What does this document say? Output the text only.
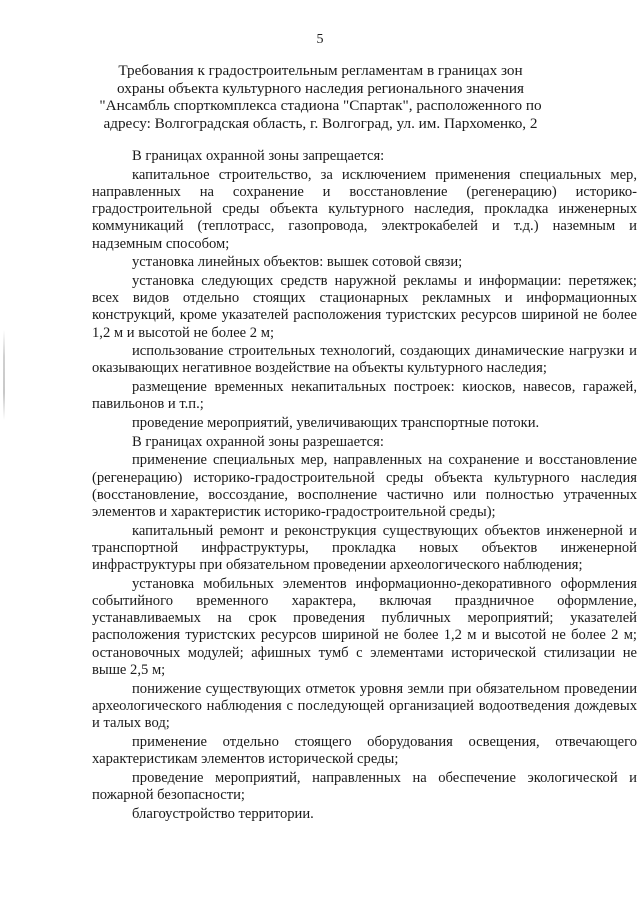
5
Требования к градостроительным регламентам в границах зон охраны объекта культурного наследия регионального значения "Ансамбль спорткомплекса стадиона "Спартак", расположенного по адресу: Волгоградская область, г. Волгоград, ул. им. Пархоменко, 2

В границах охранной зоны запрещается:

капитальное строительство, за исключением применения специальных мер, направленных на сохранение и восстановление (регенерацию) историко-градостроительной среды объекта культурного наследия, прокладка инженерных коммуникаций (теплотрасс, газопровода, электрокабелей и т.д.) наземным и надземным способом;

установка линейных объектов: вышек сотовой связи;

установка следующих средств наружной рекламы и информации: перетяжек; всех видов отдельно стоящих стационарных рекламных и информационных конструкций, кроме указателей расположения туристских ресурсов шириной не более 1,2 м и высотой не более 2 м;

использование строительных технологий, создающих динамические нагрузки и оказывающих негативное воздействие на объекты культурного наследия;

размещение временных некапитальных построек: киосков, навесов, гаражей, павильонов и т.п.;

проведение мероприятий, увеличивающих транспортные потоки.

В границах охранной зоны разрешается:

применение специальных мер, направленных на сохранение и восстановление (регенерацию) историко-градостроительной среды объекта культурного наследия (восстановление, воссоздание, восполнение частично или полностью утраченных элементов и характеристик историко-градостроительной среды);

капитальный ремонт и реконструкция существующих объектов инженерной и транспортной инфраструктуры, прокладка новых объектов инженерной инфраструктуры при обязательном проведении археологического наблюдения;

установка мобильных элементов информационно-декоративного оформления событийного временного характера, включая праздничное оформление, устанавливаемых на срок проведения публичных мероприятий; указателей расположения туристских ресурсов шириной не более 1,2 м и высотой не более 2 м; остановочных модулей; афишных тумб с элементами исторической стилизации не выше 2,5 м;

понижение существующих отметок уровня земли при обязательном проведении археологического наблюдения с последующей организацией водоотведения дождевых и талых вод;

применение отдельно стоящего оборудования освещения, отвечающего характеристикам элементов исторической среды;

проведение мероприятий, направленных на обеспечение экологической и пожарной безопасности;

благоустройство территории.
